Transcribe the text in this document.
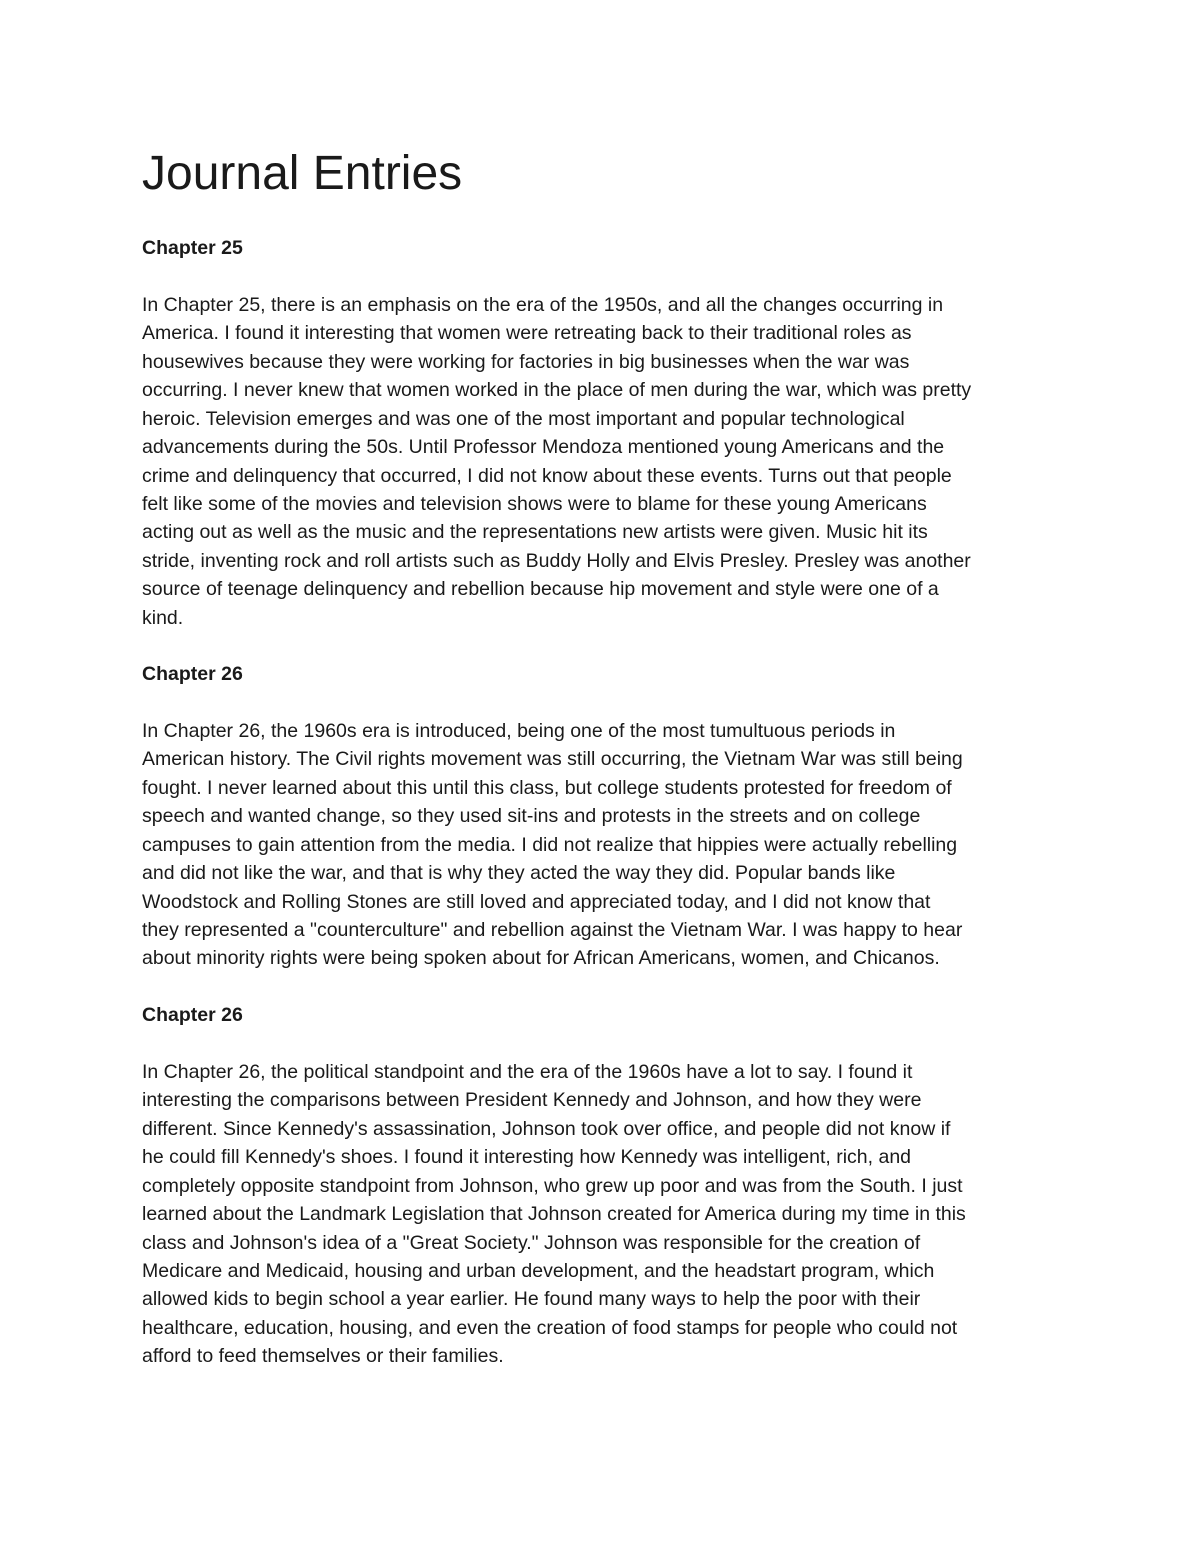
Journal Entries
Chapter 25

In Chapter 25, there is an emphasis on the era of the 1950s, and all the changes occurring in
America. I found it interesting that women were retreating back to their traditional roles as
housewives because they were working for factories in big businesses when the war was
occurring. I never knew that women worked in the place of men during the war, which was pretty
heroic. Television emerges and was one of the most important and popular technological
advancements during the 50s. Until Professor Mendoza mentioned young Americans and the
crime and delinquency that occurred, I did not know about these events. Turns out that people
felt like some of the movies and television shows were to blame for these young Americans
acting out as well as the music and the representations new artists were given. Music hit its
stride, inventing rock and roll artists such as Buddy Holly and Elvis Presley. Presley was another
source of teenage delinquency and rebellion because hip movement and style were one of a
kind.

Chapter 26

In Chapter 26, the 1960s era is introduced, being one of the most tumultuous periods in
American history. The Civil rights movement was still occurring, the Vietnam War was still being
fought. I never learned about this until this class, but college students protested for freedom of
speech and wanted change, so they used sit-ins and protests in the streets and on college
campuses to gain attention from the media. I did not realize that hippies were actually rebelling
and did not like the war, and that is why they acted the way they did. Popular bands like
Woodstock and Rolling Stones are still loved and appreciated today, and I did not know that
they represented a "counterculture" and rebellion against the Vietnam War. I was happy to hear
about minority rights were being spoken about for African Americans, women, and Chicanos.

Chapter 26

In Chapter 26, the political standpoint and the era of the 1960s have a lot to say. I found it
interesting the comparisons between President Kennedy and Johnson, and how they were
different. Since Kennedy's assassination, Johnson took over office, and people did not know if
he could fill Kennedy's shoes. I found it interesting how Kennedy was intelligent, rich, and
completely opposite standpoint from Johnson, who grew up poor and was from the South. I just
learned about the Landmark Legislation that Johnson created for America during my time in this
class and Johnson's idea of a "Great Society." Johnson was responsible for the creation of
Medicare and Medicaid, housing and urban development, and the headstart program, which
allowed kids to begin school a year earlier. He found many ways to help the poor with their
healthcare, education, housing, and even the creation of food stamps for people who could not
afford to feed themselves or their families.
